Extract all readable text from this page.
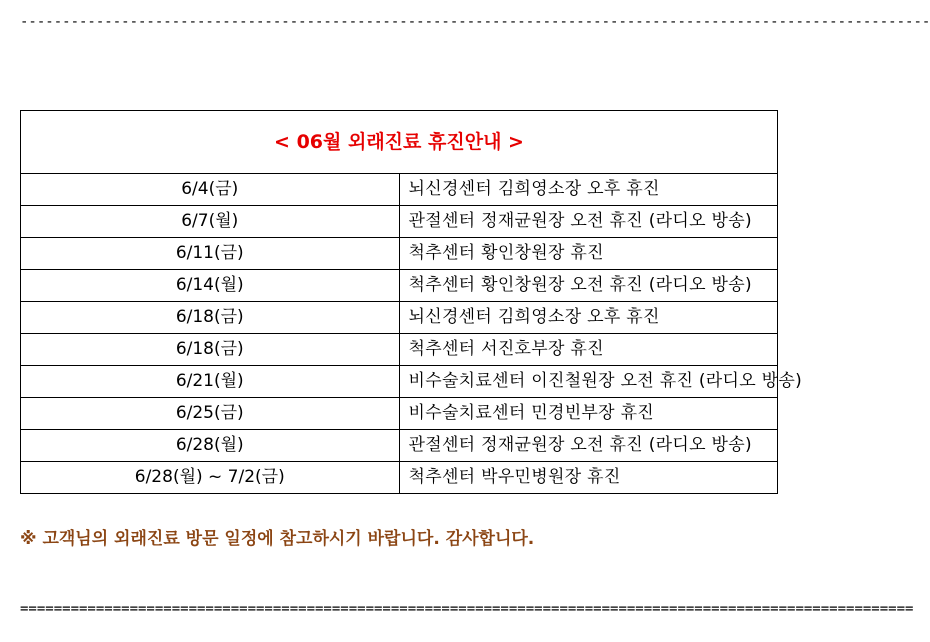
------------------------------------------------------------------------------------------------------------
< 06월 외래진료 휴진안내 >	
6/4(금)	뇌신경센터 김희영소장 오후 휴진
6/7(월)	관절센터 정재균원장 오전 휴진 (라디오 방송)
6/11(금)	척추센터 황인창원장 휴진
6/14(월)	척추센터 황인창원장 오전 휴진 (라디오 방송)
6/18(금)	뇌신경센터 김희영소장 오후 휴진
6/18(금)	척추센터 서진호부장 휴진
6/21(월)	비수술치료센터 이진철원장 오전 휴진 (라디오 방송)
6/25(금)	비수술치료센터 민경빈부장 휴진
6/28(월)	관절센터 정재균원장 오전 휴진 (라디오 방송)
6/28(월) ~ 7/2(금)	척추센터 박우민병원장 휴진
※ 고객님의 외래진료 방문 일정에 참고하시기 바랍니다. 감사합니다.
==========================================================================================================
